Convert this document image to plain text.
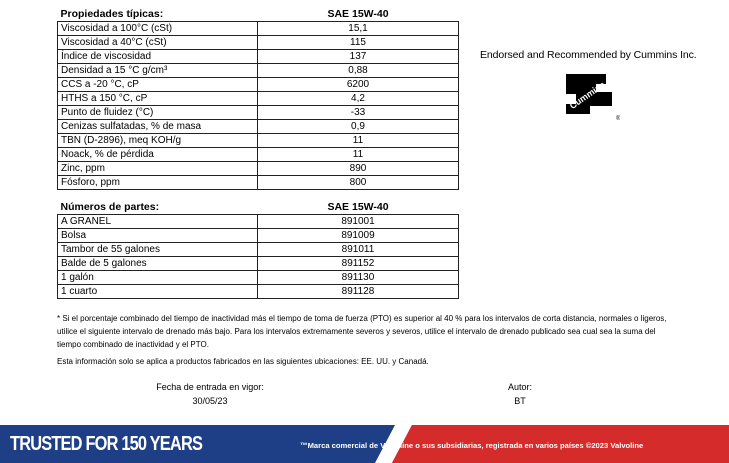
Propiedades típicas:	SAE 15W-40
Viscosidad a 100°C (cSt)	15,1
Viscosidad a 40°C (cSt)	115
Índice de viscosidad	137
Densidad a 15 °C g/cm³	0,88
CCS a -20 °C, cP	6200
HTHS a 150 °C, cP	4,2
Punto de fluidez (°C)	-33
Cenizas sulfatadas, % de masa	0,9
TBN (D-2896), meq KOH/g	11
Noack, % de pérdida	11
Zinc, ppm	890
Fósforo, ppm	800
Números de partes:	SAE 15W-40
A GRANEL	891001
Bolsa	891009
Tambor de 55 galones	891011
Balde de 5 galones	891152
1 galón	891130
1 cuarto	891128
Endorsed and Recommended by Cummins Inc.
Cummins
®
* Si el porcentaje combinado del tiempo de inactividad más el tiempo de toma de fuerza (PTO) es superior al 40 % para los intervalos de corta distancia, normales o ligeros, utilice el siguiente intervalo de drenado más bajo. Para los intervalos extremamente severos y severos, utilice el intervalo de drenado publicado sea cual sea la suma del tiempo combinado de inactividad y el PTO.
Esta información solo se aplica a productos fabricados en las siguientes ubicaciones: EE. UU. y Canadá.
Fecha de entrada en vigor:
30/05/23
Autor:
BT
TRUSTED FOR 150 YEARS	™Marca comercial de Valvoline o sus subsidiarias, registrada en varios países ©2023 Valvoline
